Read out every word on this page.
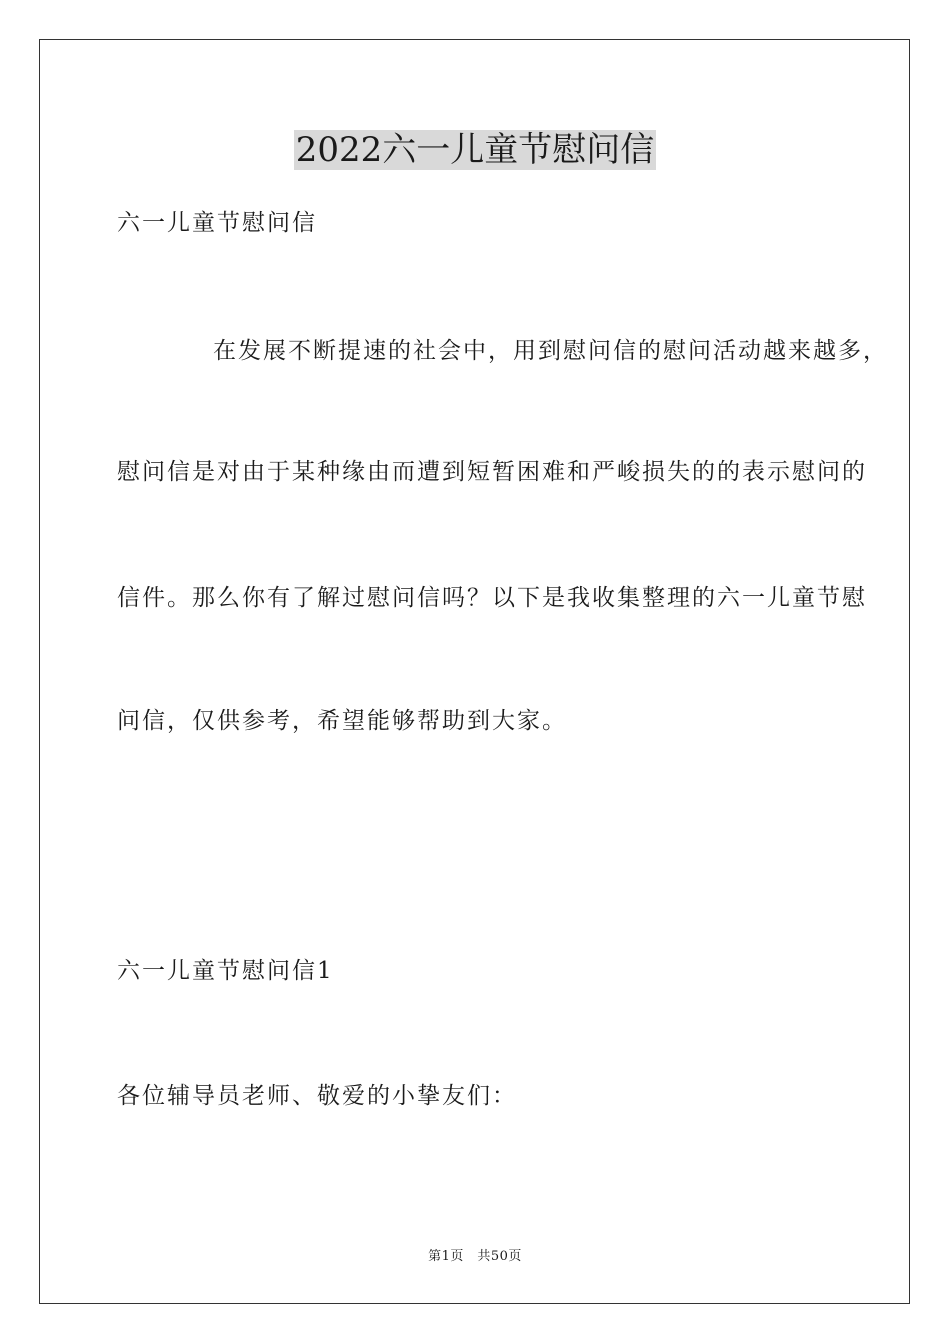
2022六一儿童节慰问信
六一儿童节慰问信
在发展不断提速的社会中，用到慰问信的慰问活动越来越多，
慰问信是对由于某种缘由而遭到短暂困难和严峻损失的的表示慰问的
信件。那么你有了解过慰问信吗？以下是我收集整理的六一儿童节慰
问信，仅供参考，希望能够帮助到大家。
六一儿童节慰问信1
各位辅导员老师、敬爱的小挚友们：
第1页　共50页
